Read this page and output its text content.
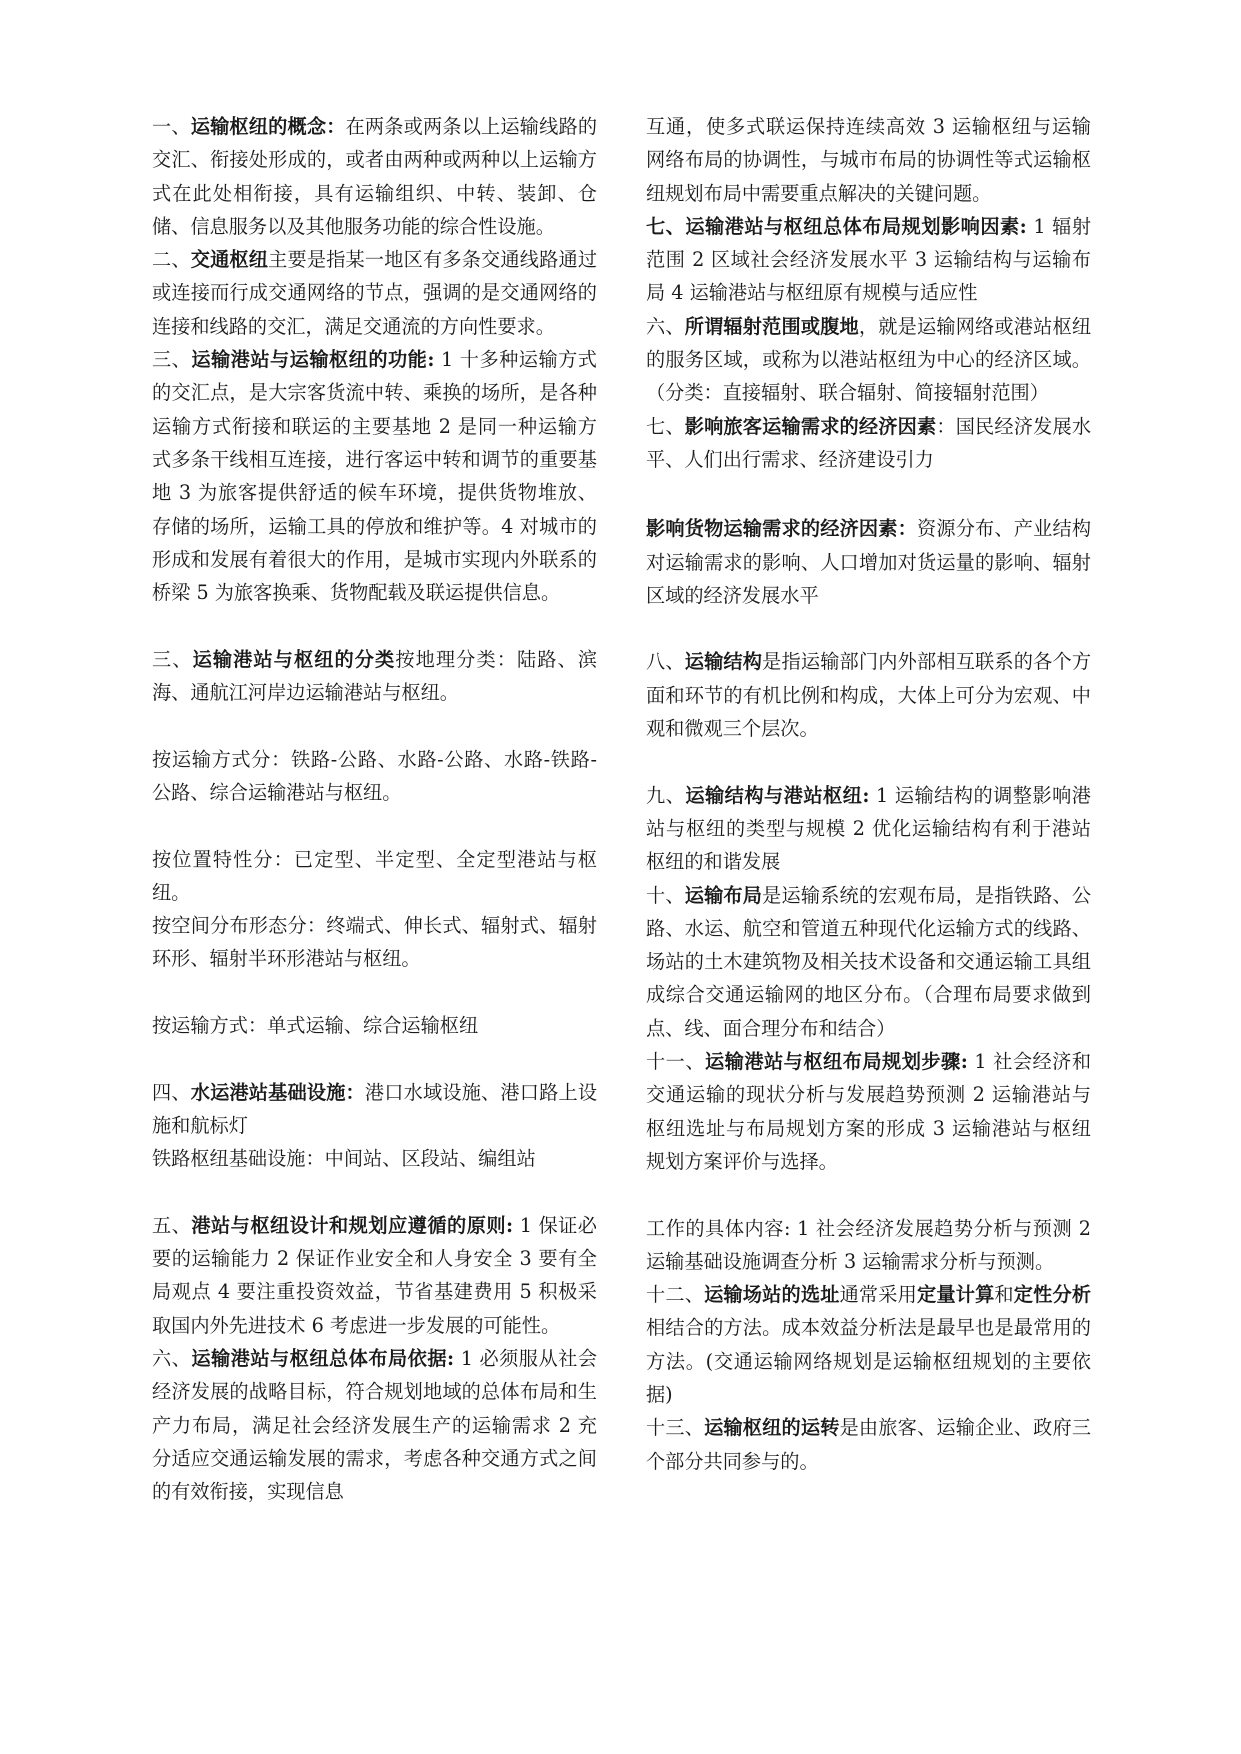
一、运输枢纽的概念：在两条或两条以上运输线路的交汇、衔接处形成的，或者由两种或两种以上运输方式在此处相衔接，具有运输组织、中转、装卸、仓储、信息服务以及其他服务功能的综合性设施。

二、交通枢纽主要是指某一地区有多条交通线路通过或连接而行成交通网络的节点，强调的是交通网络的连接和线路的交汇，满足交通流的方向性要求。

三、运输港站与运输枢纽的功能: 1 十多种运输方式的交汇点，是大宗客货流中转、乘换的场所，是各种运输方式衔接和联运的主要基地 2 是同一种运输方式多条干线相互连接，进行客运中转和调节的重要基地 3 为旅客提供舒适的候车环境，提供货物堆放、存储的场所，运输工具的停放和维护等。4 对城市的形成和发展有着很大的作用，是城市实现内外联系的桥梁 5 为旅客换乘、货物配载及联运提供信息。

三、运输港站与枢纽的分类按地理分类：陆路、滨海、通航江河岸边运输港站与枢纽。

按运输方式分：铁路-公路、水路-公路、水路-铁路-公路、综合运输港站与枢纽。

按位置特性分：已定型、半定型、全定型港站与枢纽。

按空间分布形态分：终端式、伸长式、辐射式、辐射环形、辐射半环形港站与枢纽。

按运输方式：单式运输、综合运输枢纽

四、水运港站基础设施：港口水域设施、港口路上设施和航标灯

铁路枢纽基础设施：中间站、区段站、编组站

五、港站与枢纽设计和规划应遵循的原则: 1 保证必要的运输能力 2 保证作业安全和人身安全 3 要有全局观点 4 要注重投资效益，节省基建费用 5 积极采取国内外先进技术 6 考虑进一步发展的可能性。

六、运输港站与枢纽总体布局依据: 1 必须服从社会经济发展的战略目标，符合规划地域的总体布局和生产力布局，满足社会经济发展生产的运输需求 2 充分适应交通运输发展的需求，考虑各种交通方式之间的有效衔接，实现信息

互通，使多式联运保持连续高效 3 运输枢纽与运输网络布局的协调性，与城市布局的协调性等式运输枢纽规划布局中需要重点解决的关键问题。

七、运输港站与枢纽总体布局规划影响因素: 1 辐射范围 2 区域社会经济发展水平 3 运输结构与运输布局 4 运输港站与枢纽原有规模与适应性

六、所谓辐射范围或腹地，就是运输网络或港站枢纽的服务区域，或称为以港站枢纽为中心的经济区域。（分类：直接辐射、联合辐射、简接辐射范围）

七、影响旅客运输需求的经济因素：国民经济发展水平、人们出行需求、经济建设引力

影响货物运输需求的经济因素：资源分布、产业结构对运输需求的影响、人口增加对货运量的影响、辐射区域的经济发展水平

八、运输结构是指运输部门内外部相互联系的各个方面和环节的有机比例和构成，大体上可分为宏观、中观和微观三个层次。

九、运输结构与港站枢纽: 1 运输结构的调整影响港站与枢纽的类型与规模 2 优化运输结构有利于港站枢纽的和谐发展

十、运输布局是运输系统的宏观布局，是指铁路、公路、水运、航空和管道五种现代化运输方式的线路、场站的土木建筑物及相关技术设备和交通运输工具组成综合交通运输网的地区分布。（合理布局要求做到点、线、面合理分布和结合）

十一、运输港站与枢纽布局规划步骤: 1 社会经济和交通运输的现状分析与发展趋势预测 2 运输港站与枢纽选址与布局规划方案的形成 3 运输港站与枢纽规划方案评价与选择。

工作的具体内容: 1 社会经济发展趋势分析与预测 2 运输基础设施调查分析 3 运输需求分析与预测。

十二、运输场站的选址通常采用定量计算和定性分析相结合的方法。成本效益分析法是最早也是最常用的方法。(交通运输网络规划是运输枢纽规划的主要依据)

十三、运输枢纽的运转是由旅客、运输企业、政府三个部分共同参与的。
